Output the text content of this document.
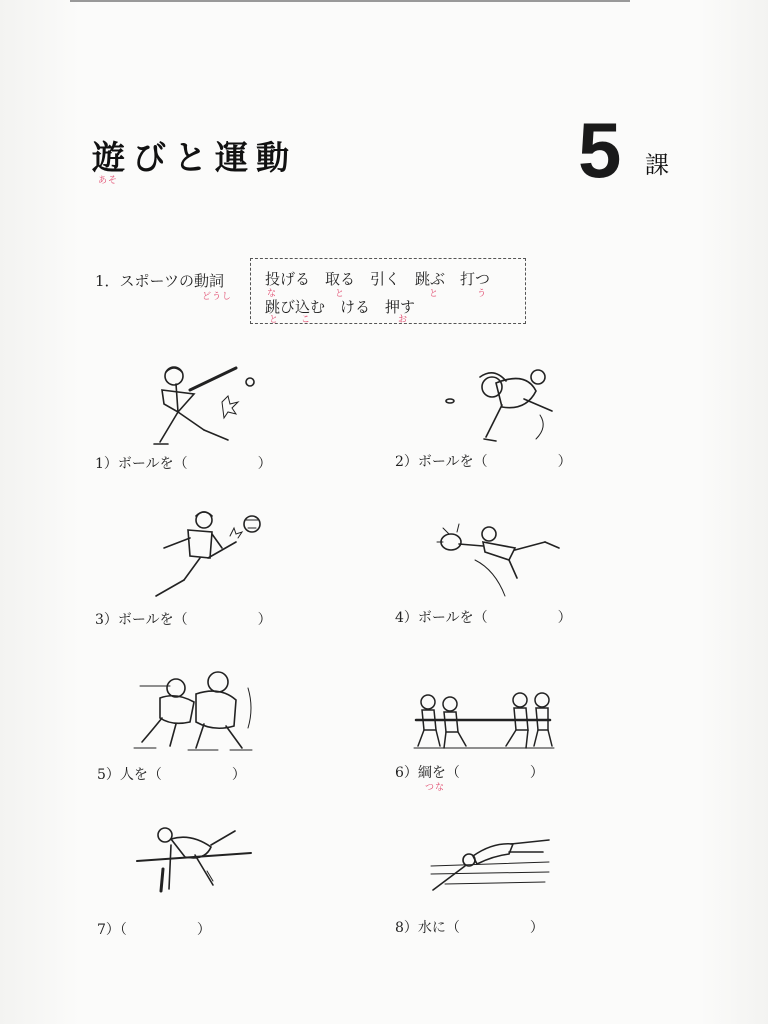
遊びと運動
あそ	5 課
1．スポーツの動詞
どうし
投げる　取る　引く　跳ぶ　打つ
な	と	と	う
跳び込む　ける　押す
と こ	お
1）ボールを（　　　　　）	2）ボールを（　　　　　）
3）ボールを（　　　　　）	4）ボールを（　　　　　）
5）人を（　　　　　）	6）綱を（　　　　　）
つな
7）（　　　　　）	8）水に（　　　　　）
